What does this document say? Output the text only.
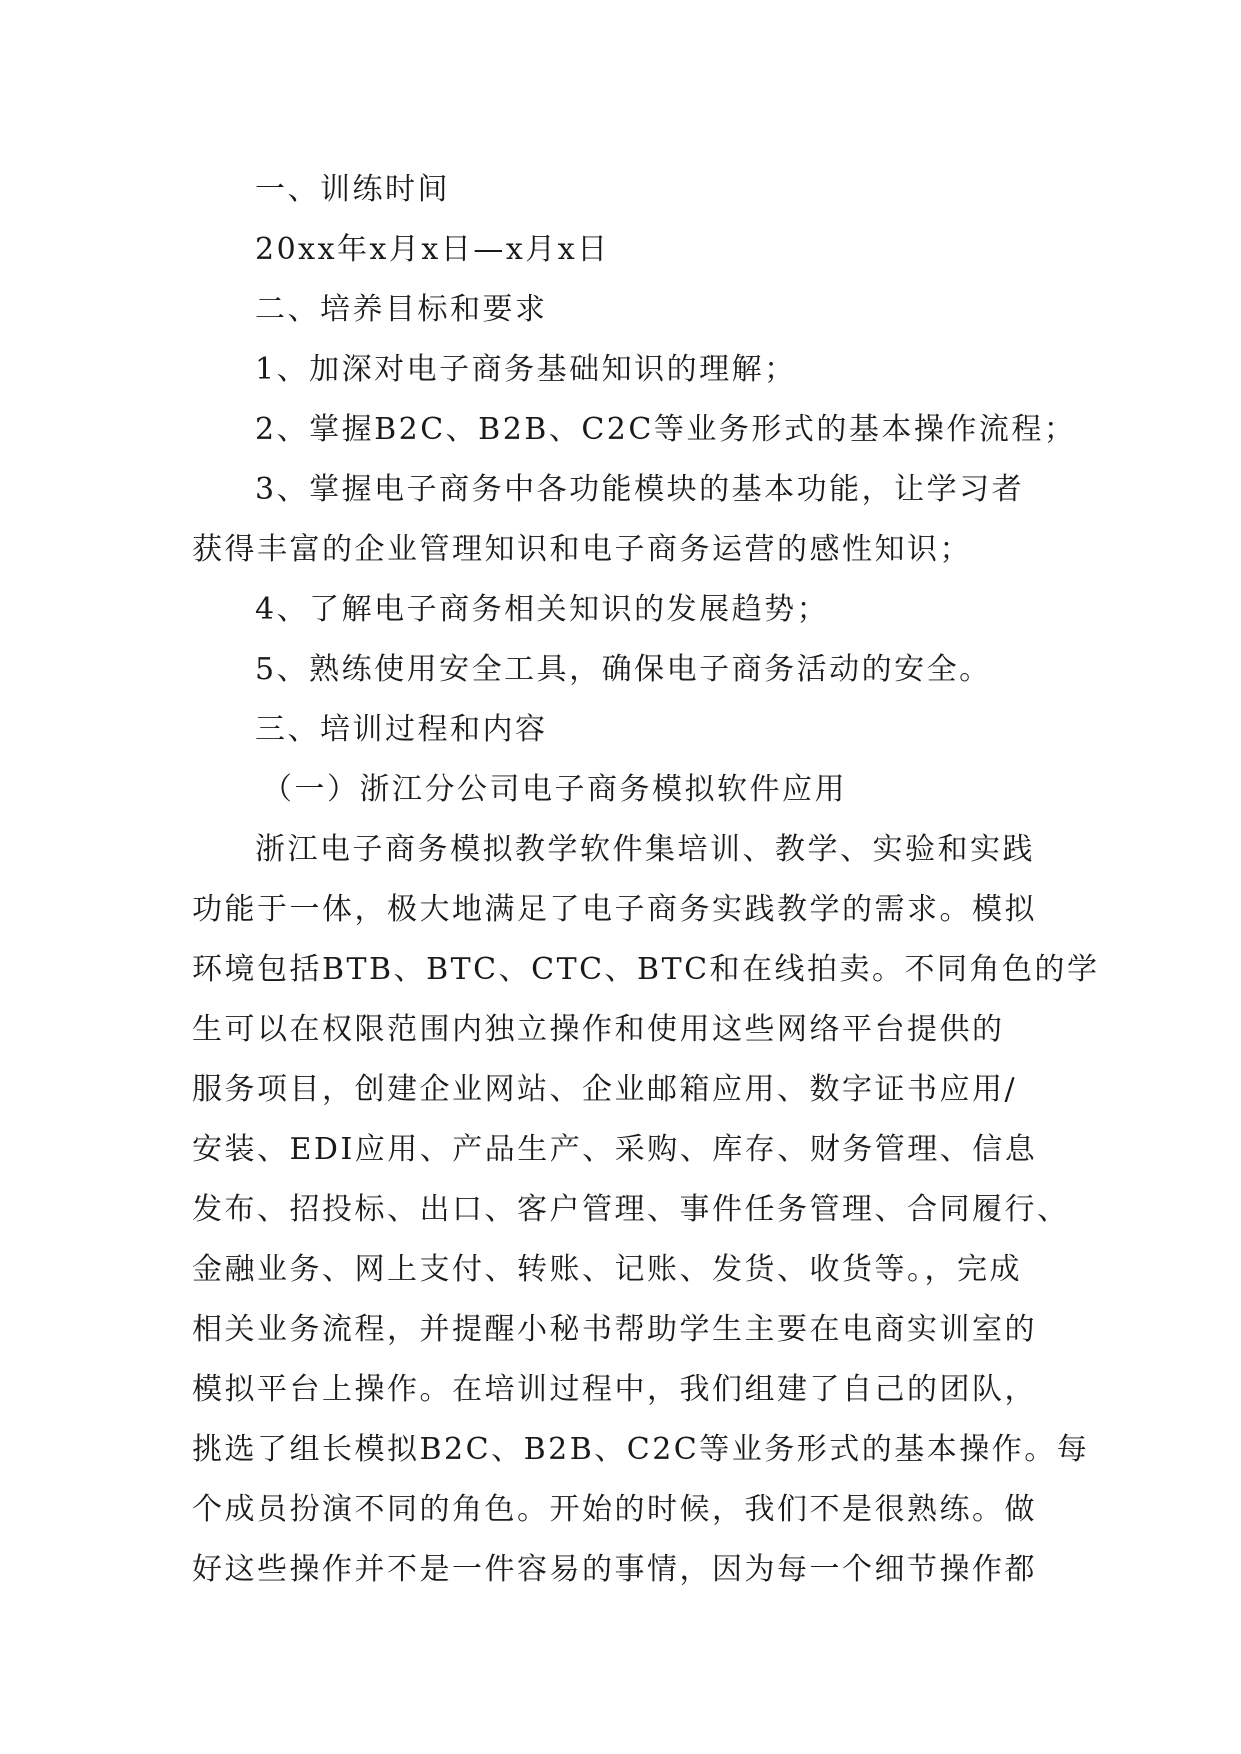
一、训练时间

20xx年x月x日—x月x日

二、培养目标和要求

1、加深对电子商务基础知识的理解；

2、掌握B2C、B2B、C2C等业务形式的基本操作流程；

3、掌握电子商务中各功能模块的基本功能，让学习者

获得丰富的企业管理知识和电子商务运营的感性知识；

4、了解电子商务相关知识的发展趋势；

5、熟练使用安全工具，确保电子商务活动的安全。

三、培训过程和内容

（一）浙江分公司电子商务模拟软件应用

浙江电子商务模拟教学软件集培训、教学、实验和实践

功能于一体，极大地满足了电子商务实践教学的需求。模拟

环境包括BTB、BTC、CTC、BTC和在线拍卖。不同角色的学

生可以在权限范围内独立操作和使用这些网络平台提供的

服务项目，创建企业网站、企业邮箱应用、数字证书应用/

安装、EDI应用、产品生产、采购、库存、财务管理、信息

发布、招投标、出口、客户管理、事件任务管理、合同履行、

金融业务、网上支付、转账、记账、发货、收货等。，完成

相关业务流程，并提醒小秘书帮助学生主要在电商实训室的

模拟平台上操作。在培训过程中，我们组建了自己的团队，

挑选了组长模拟B2C、B2B、C2C等业务形式的基本操作。每

个成员扮演不同的角色。开始的时候，我们不是很熟练。做

好这些操作并不是一件容易的事情，因为每一个细节操作都
